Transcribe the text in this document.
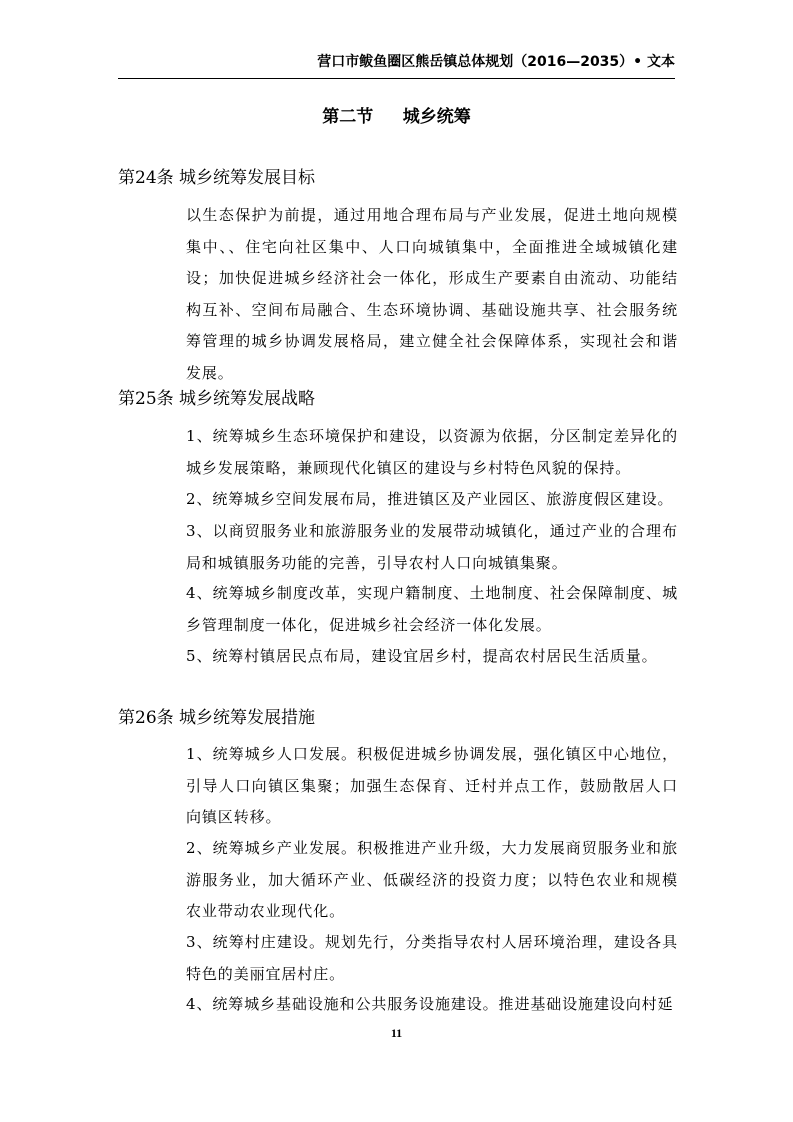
营口市鲅鱼圈区熊岳镇总体规划（2016—2035）• 文本
第二节     城乡统筹
第24条 城乡统筹发展目标
以生态保护为前提，通过用地合理布局与产业发展，促进土地向规模集中、、住宅向社区集中、人口向城镇集中，全面推进全域城镇化建设；加快促进城乡经济社会一体化，形成生产要素自由流动、功能结构互补、空间布局融合、生态环境协调、基础设施共享、社会服务统筹管理的城乡协调发展格局，建立健全社会保障体系，实现社会和谐发展。
第25条 城乡统筹发展战略
1、统筹城乡生态环境保护和建设，以资源为依据，分区制定差异化的城乡发展策略，兼顾现代化镇区的建设与乡村特色风貌的保持。
2、统筹城乡空间发展布局，推进镇区及产业园区、旅游度假区建设。
3、以商贸服务业和旅游服务业的发展带动城镇化，通过产业的合理布局和城镇服务功能的完善，引导农村人口向城镇集聚。
4、统筹城乡制度改革，实现户籍制度、土地制度、社会保障制度、城乡管理制度一体化，促进城乡社会经济一体化发展。
5、统筹村镇居民点布局，建设宜居乡村，提高农村居民生活质量。
第26条 城乡统筹发展措施
1、统筹城乡人口发展。积极促进城乡协调发展，强化镇区中心地位，引导人口向镇区集聚；加强生态保育、迁村并点工作，鼓励散居人口向镇区转移。
2、统筹城乡产业发展。积极推进产业升级，大力发展商贸服务业和旅游服务业，加大循环产业、低碳经济的投资力度；以特色农业和规模农业带动农业现代化。
3、统筹村庄建设。规划先行，分类指导农村人居环境治理，建设各具特色的美丽宜居村庄。
4、统筹城乡基础设施和公共服务设施建设。推进基础设施建设向村延
11
